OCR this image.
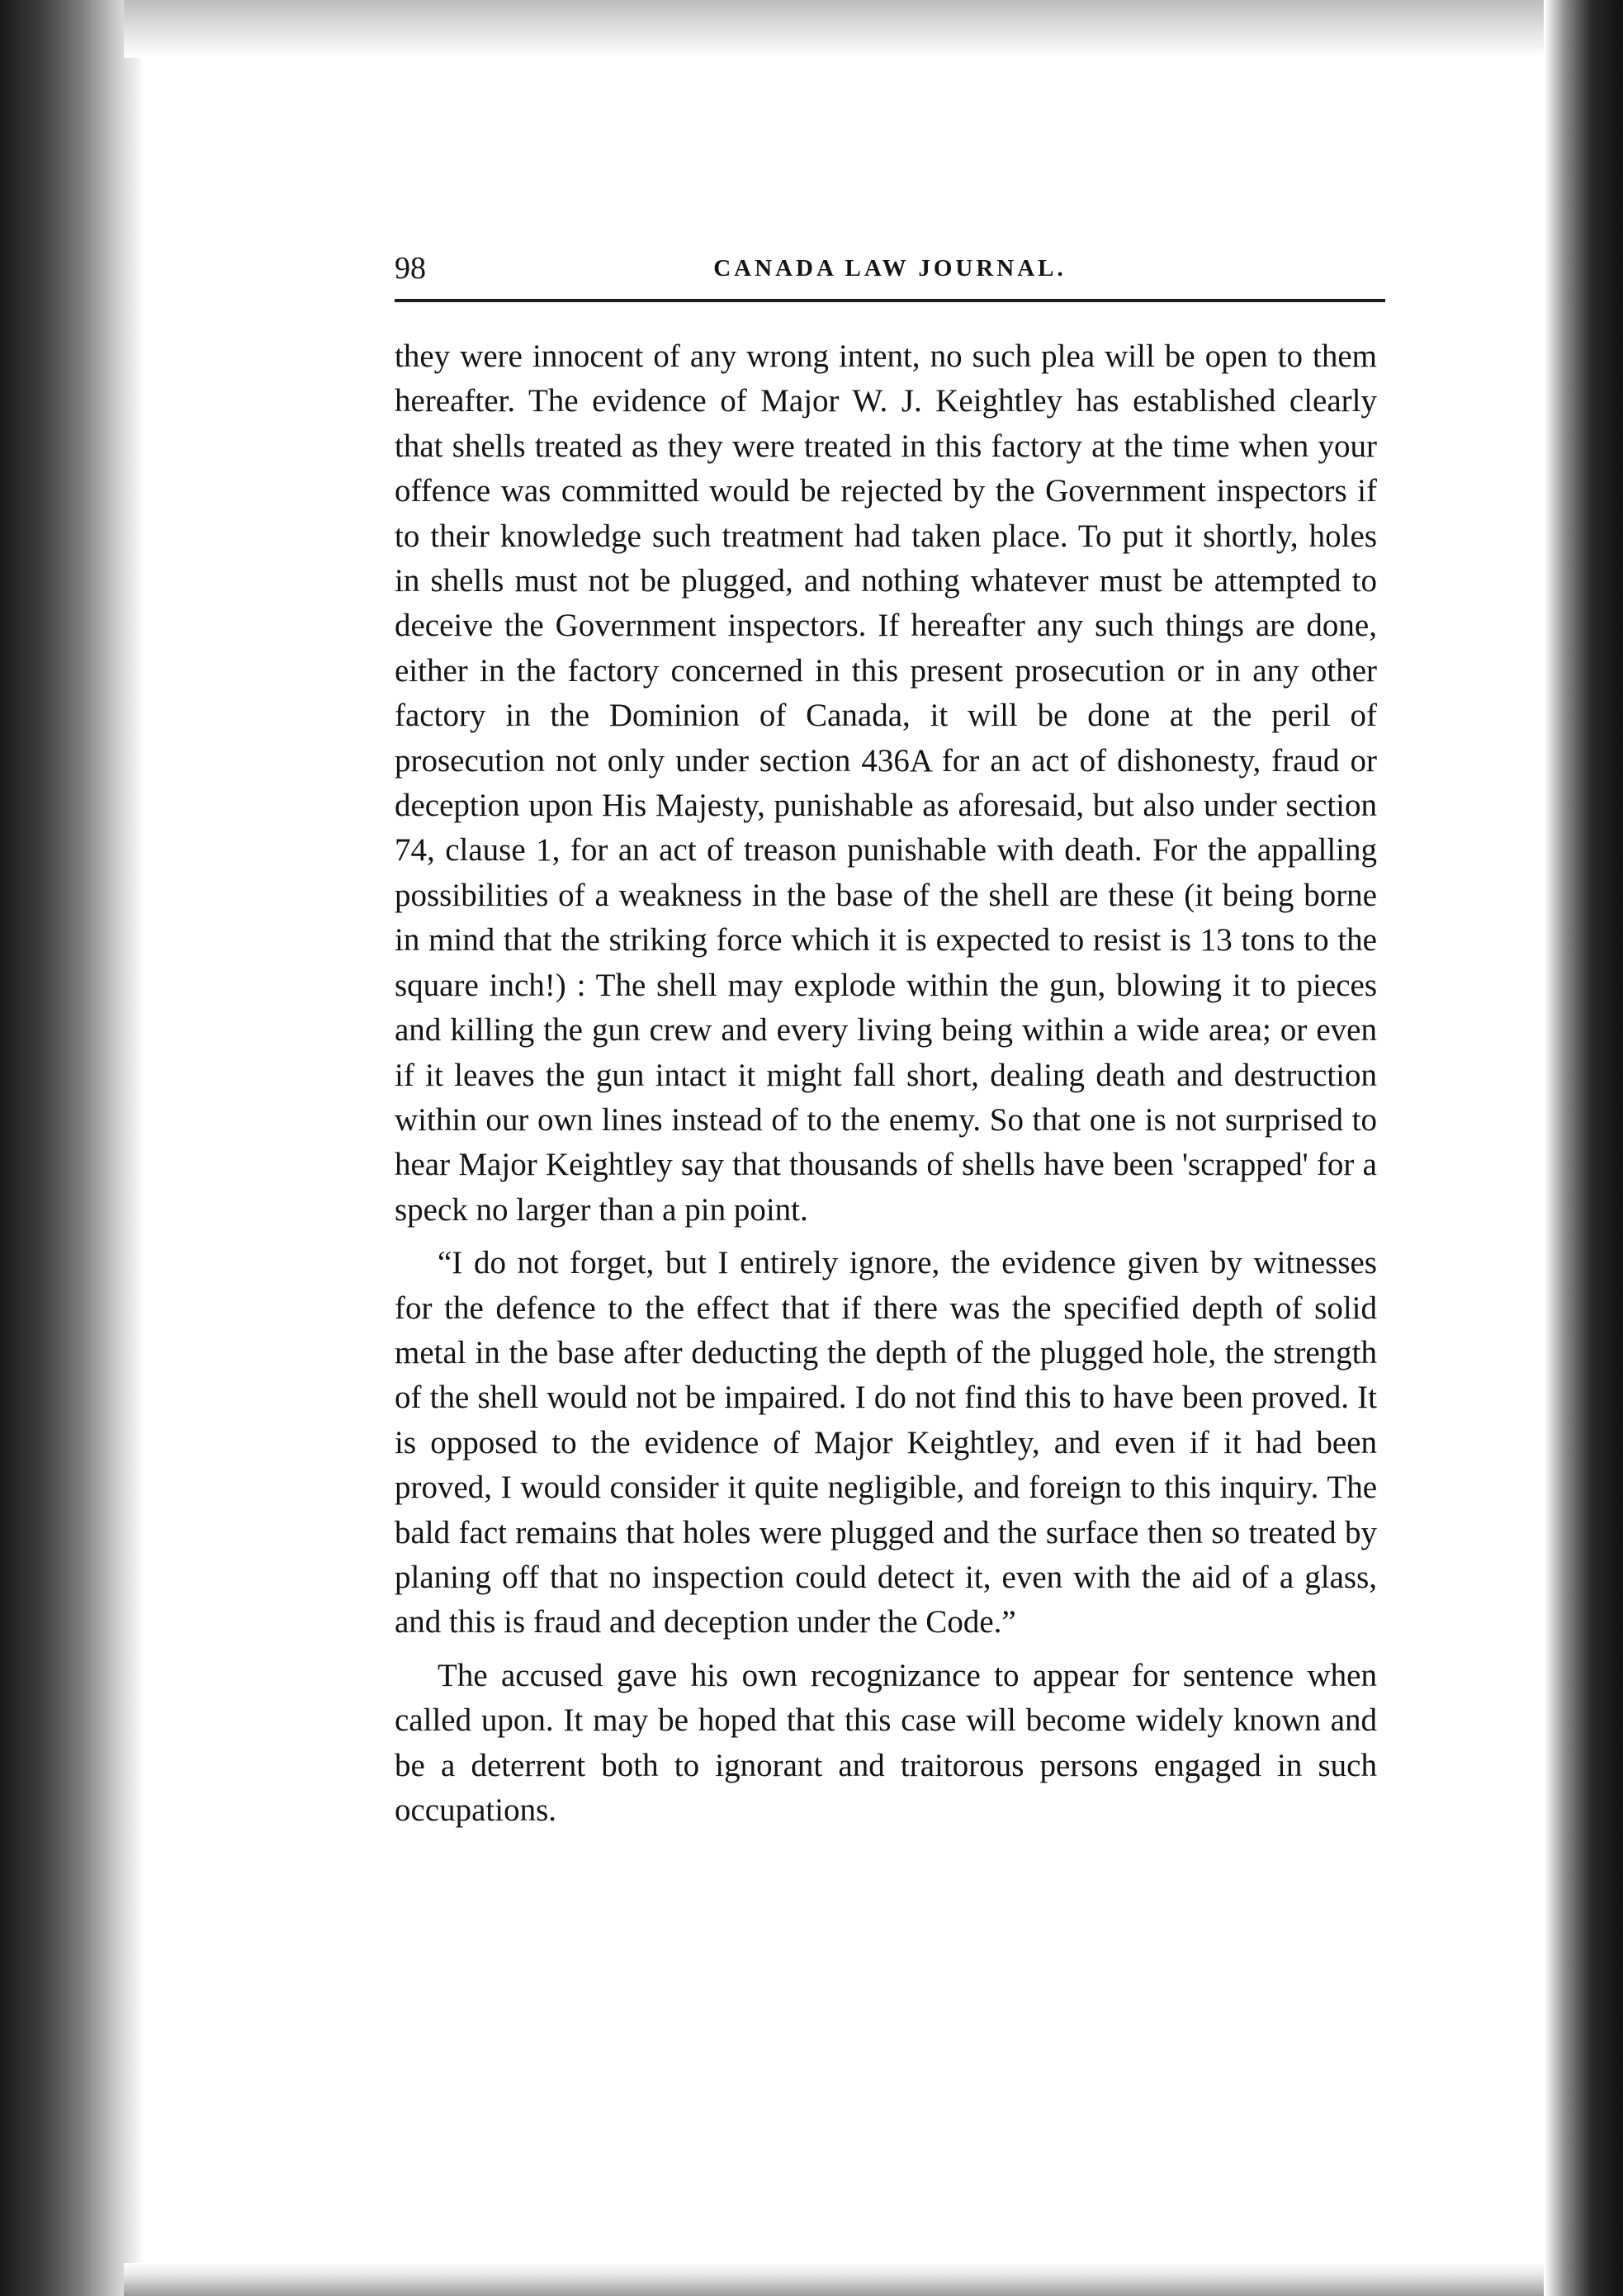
98	CANADA LAW JOURNAL.

they were innocent of any wrong intent, no such plea will be open to them hereafter. The evidence of Major W. J. Keightley has established clearly that shells treated as they were treated in this factory at the time when your offence was committed would be rejected by the Government inspectors if to their knowledge such treatment had taken place. To put it shortly, holes in shells must not be plugged, and nothing whatever must be attempted to deceive the Government inspectors. If hereafter any such things are done, either in the factory concerned in this present prosecution or in any other factory in the Dominion of Canada, it will be done at the peril of prosecution not only under section 436A for an act of dishonesty, fraud or deception upon His Majesty, punishable as aforesaid, but also under section 74, clause 1, for an act of treason punishable with death. For the appalling possibilities of a weakness in the base of the shell are these (it being borne in mind that the striking force which it is expected to resist is 13 tons to the square inch!) : The shell may explode within the gun, blowing it to pieces and killing the gun crew and every living being within a wide area; or even if it leaves the gun intact it might fall short, dealing death and destruction within our own lines instead of to the enemy. So that one is not surprised to hear Major Keightley say that thousands of shells have been 'scrapped' for a speck no larger than a pin point.

“I do not forget, but I entirely ignore, the evidence given by witnesses for the defence to the effect that if there was the specified depth of solid metal in the base after deducting the depth of the plugged hole, the strength of the shell would not be impaired. I do not find this to have been proved. It is opposed to the evidence of Major Keightley, and even if it had been proved, I would consider it quite negligible, and foreign to this inquiry. The bald fact remains that holes were plugged and the surface then so treated by planing off that no inspection could detect it, even with the aid of a glass, and this is fraud and deception under the Code.”

The accused gave his own recognizance to appear for sentence when called upon. It may be hoped that this case will become widely known and be a deterrent both to ignorant and traitorous persons engaged in such occupations.
